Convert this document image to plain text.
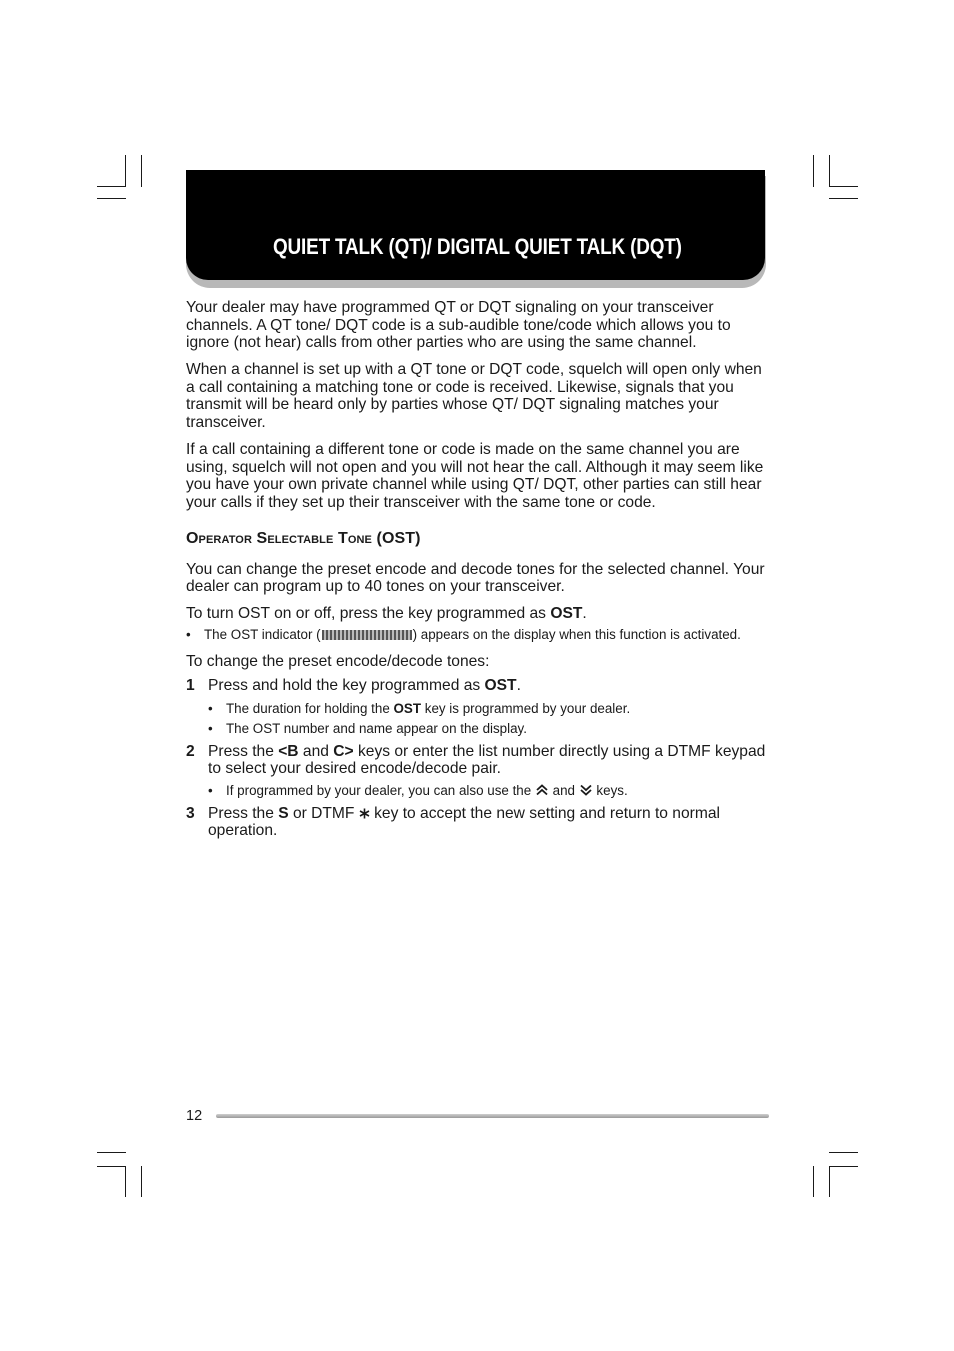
QUIET TALK (QT)/ DIGITAL QUIET TALK (DQT)

Your dealer may have programmed QT or DQT signaling on your transceiver channels. A QT tone/ DQT code is a sub-audible tone/code which allows you to ignore (not hear) calls from other parties who are using the same channel.

When a channel is set up with a QT tone or DQT code, squelch will open only when a call containing a matching tone or code is received. Likewise, signals that you transmit will be heard only by parties whose QT/ DQT signaling matches your transceiver.

If a call containing a different tone or code is made on the same channel you are using, squelch will not open and you will not hear the call. Although it may seem like you have your own private channel while using QT/ DQT, other parties can still hear your calls if they set up their transceiver with the same tone or code.

Operator Selectable Tone (OST)

You can change the preset encode and decode tones for the selected channel. Your dealer can program up to 40 tones on your transceiver.

To turn OST on or off, press the key programmed as OST.

• The OST indicator (	) appears on the display when this function is activated.

To change the preset encode/decode tones:

1 Press and hold the key programmed as OST.
• The duration for holding the OST key is programmed by your dealer.
• The OST number and name appear on the display.
2 Press the <B and C> keys or enter the list number directly using a DTMF keypad to select your desired encode/decode pair.
• If programmed by your dealer, you can also use the  and  keys.
3 Press the S or DTMF  key to accept the new setting and return to normal operation.
12
